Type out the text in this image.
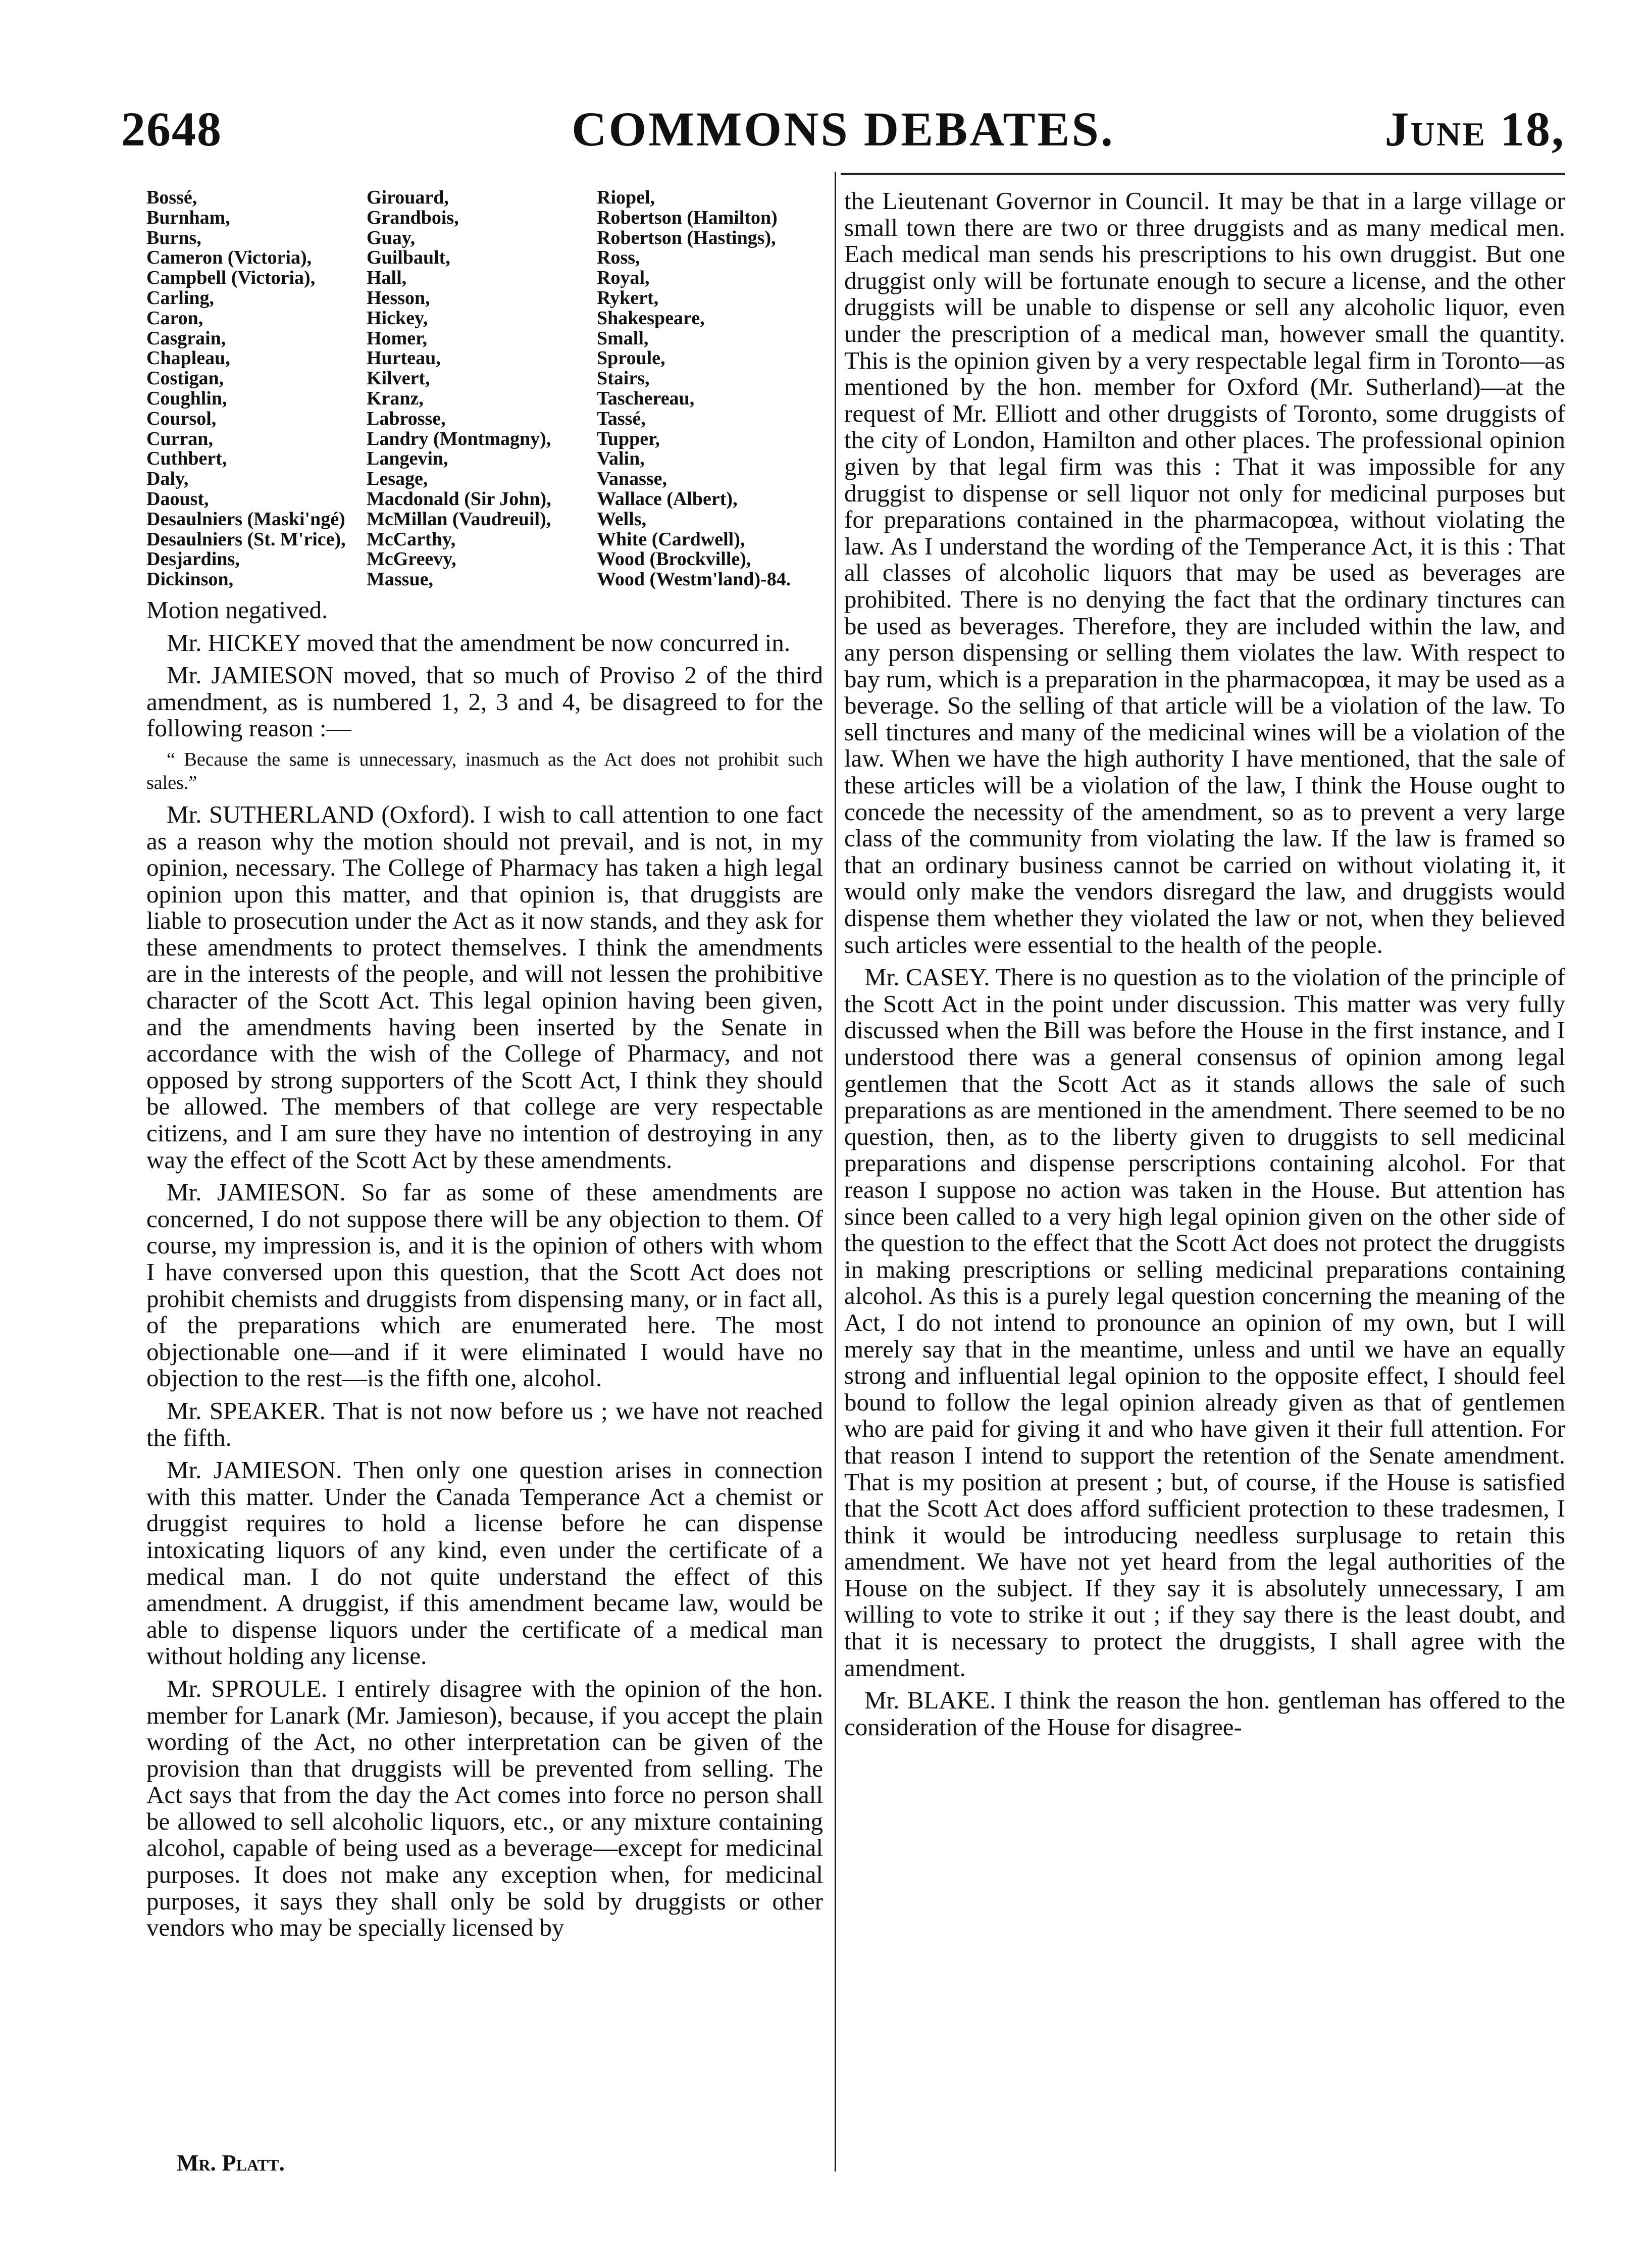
COMMONS DEBATES.
2648	June 18,
Bossé,	Girouard,	Riopel,
Burnham,	Grandbois,	Robertson (Hamilton)
Burns,	Guay,	Robertson (Hastings),
Cameron (Victoria),	Guilbault,	Ross,
Campbell (Victoria),	Hall,	Royal,
Carling,	Hesson,	Rykert,
Caron,	Hickey,	Shakespeare,
Casgrain,	Homer,	Small,
Chapleau,	Hurteau,	Sproule,
Costigan,	Kilvert,	Stairs,
Coughlin,	Kranz,	Taschereau,
Coursol,	Labrosse,	Tassé,
Curran,	Landry (Montmagny),	Tupper,
Cuthbert,	Langevin,	Valin,
Daly,	Lesage,	Vanasse,
Daoust,	Macdonald (Sir John),	Wallace (Albert),
Desaulniers (Maski'ngé)	McMillan (Vaudreuil),	Wells,
Desaulniers (St. M'rice),	McCarthy,	White (Cardwell),
Desjardins,	McGreevy,	Wood (Brockville),
Dickinson,	Massue,	Wood (Westm'land)-84.

Motion negatived.

Mr. HICKEY moved that the amendment be now concurred in.

Mr. JAMIESON moved, that so much of Proviso 2 of the third amendment, as is numbered 1, 2, 3 and 4, be disagreed to for the following reason :—

“ Because the same is unnecessary, inasmuch as the Act does not prohibit such sales.”

Mr. SUTHERLAND (Oxford). I wish to call attention to one fact as a reason why the motion should not prevail, and is not, in my opinion, necessary. The College of Pharmacy has taken a high legal opinion upon this matter, and that opinion is, that druggists are liable to prosecution under the Act as it now stands, and they ask for these amendments to protect themselves. I think the amendments are in the interests of the people, and will not lessen the prohibitive character of the Scott Act. This legal opinion having been given, and the amendments having been inserted by the Senate in accordance with the wish of the College of Pharmacy, and not opposed by strong supporters of the Scott Act, I think they should be allowed. The members of that college are very respectable citizens, and I am sure they have no intention of destroying in any way the effect of the Scott Act by these amendments.

Mr. JAMIESON. So far as some of these amendments are concerned, I do not suppose there will be any objection to them. Of course, my impression is, and it is the opinion of others with whom I have conversed upon this question, that the Scott Act does not prohibit chemists and druggists from dispensing many, or in fact all, of the preparations which are enumerated here. The most objectionable one—and if it were eliminated I would have no objection to the rest—is the fifth one, alcohol.

Mr. SPEAKER. That is not now before us ; we have not reached the fifth.

Mr. JAMIESON. Then only one question arises in connection with this matter. Under the Canada Temperance Act a chemist or druggist requires to hold a license before he can dispense intoxicating liquors of any kind, even under the certificate of a medical man. I do not quite understand the effect of this amendment. A druggist, if this amendment became law, would be able to dispense liquors under the certificate of a medical man without holding any license.

Mr. SPROULE. I entirely disagree with the opinion of the hon. member for Lanark (Mr. Jamieson), because, if you accept the plain wording of the Act, no other interpretation can be given of the provision than that druggists will be prevented from selling. The Act says that from the day the Act comes into force no person shall be allowed to sell alcoholic liquors, etc., or any mixture containing alcohol, capable of being used as a beverage—except for medicinal purposes. It does not make any exception when, for medicinal purposes, it says they shall only be sold by druggists or other vendors who may be specially licensed by

the Lieutenant Governor in Council. It may be that in a large village or small town there are two or three druggists and as many medical men. Each medical man sends his prescriptions to his own druggist. But one druggist only will be fortunate enough to secure a license, and the other druggists will be unable to dispense or sell any alcoholic liquor, even under the prescription of a medical man, however small the quantity. This is the opinion given by a very respectable legal firm in Toronto—as mentioned by the hon. member for Oxford (Mr. Sutherland)—at the request of Mr. Elliott and other druggists of Toronto, some druggists of the city of London, Hamilton and other places. The professional opinion given by that legal firm was this : That it was impossible for any druggist to dispense or sell liquor not only for medicinal purposes but for preparations contained in the pharmacopœa, without violating the law. As I understand the wording of the Temperance Act, it is this : That all classes of alcoholic liquors that may be used as beverages are prohibited. There is no denying the fact that the ordinary tinctures can be used as beverages. Therefore, they are included within the law, and any person dispensing or selling them violates the law. With respect to bay rum, which is a preparation in the pharmacopœa, it may be used as a beverage. So the selling of that article will be a violation of the law. To sell tinctures and many of the medicinal wines will be a violation of the law. When we have the high authority I have mentioned, that the sale of these articles will be a violation of the law, I think the House ought to concede the necessity of the amendment, so as to prevent a very large class of the community from violating the law. If the law is framed so that an ordinary business cannot be carried on without violating it, it would only make the vendors disregard the law, and druggists would dispense them whether they violated the law or not, when they believed such articles were essential to the health of the people.

Mr. CASEY. There is no question as to the violation of the principle of the Scott Act in the point under discussion. This matter was very fully discussed when the Bill was before the House in the first instance, and I understood there was a general consensus of opinion among legal gentlemen that the Scott Act as it stands allows the sale of such preparations as are mentioned in the amendment. There seemed to be no question, then, as to the liberty given to druggists to sell medicinal preparations and dispense perscriptions containing alcohol. For that reason I suppose no action was taken in the House. But attention has since been called to a very high legal opinion given on the other side of the question to the effect that the Scott Act does not protect the druggists in making prescriptions or selling medicinal preparations containing alcohol. As this is a purely legal question concerning the meaning of the Act, I do not intend to pronounce an opinion of my own, but I will merely say that in the meantime, unless and until we have an equally strong and influential legal opinion to the opposite effect, I should feel bound to follow the legal opinion already given as that of gentlemen who are paid for giving it and who have given it their full attention. For that reason I intend to support the retention of the Senate amendment. That is my position at present ; but, of course, if the House is satisfied that the Scott Act does afford sufficient protection to these tradesmen, I think it would be introducing needless surplusage to retain this amendment. We have not yet heard from the legal authorities of the House on the subject. If they say it is absolutely unnecessary, I am willing to vote to strike it out ; if they say there is the least doubt, and that it is necessary to protect the druggists, I shall agree with the amendment.

Mr. BLAKE. I think the reason the hon. gentleman has offered to the consideration of the House for disagree-

Mr. Platt.
